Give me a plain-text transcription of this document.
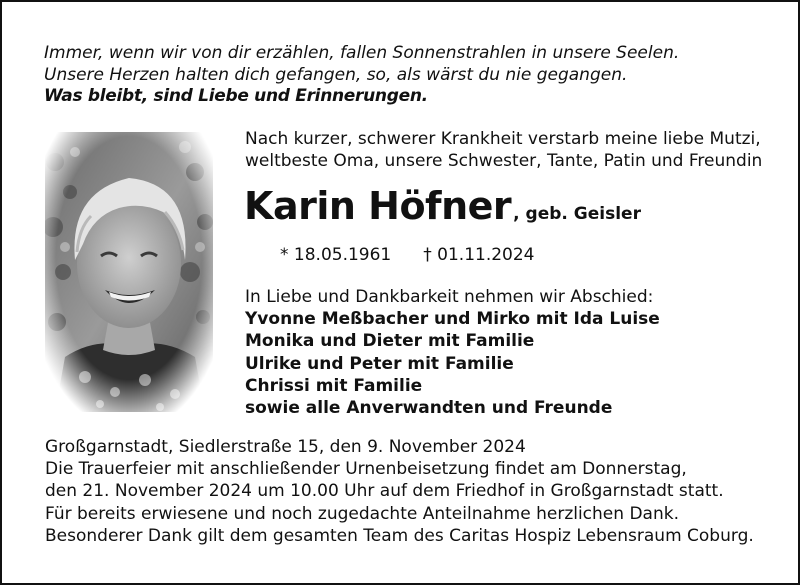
Immer, wenn wir von dir erzählen, fallen Sonnenstrahlen in unsere Seelen.
Unsere Herzen halten dich gefangen, so, als wärst du nie gegangen.
Was bleibt, sind Liebe und Erinnerungen.
Nach kurzer, schwerer Krankheit verstarb meine liebe Mutzi,
weltbeste Oma, unsere Schwester, Tante, Patin und Freundin
Karin Höfner , geb. Geisler
* 18.05.1961 † 01.11.2024
In Liebe und Dankbarkeit nehmen wir Abschied:
Yvonne Meßbacher und Mirko mit Ida Luise
Monika und Dieter mit Familie
Ulrike und Peter mit Familie
Chrissi mit Familie
sowie alle Anverwandten und Freunde
Großgarnstadt, Siedlerstraße 15, den 9. November 2024
Die Trauerfeier mit anschließender Urnenbeisetzung findet am Donnerstag,
den 21. November 2024 um 10.00 Uhr auf dem Friedhof in Großgarnstadt statt.
Für bereits erwiesene und noch zugedachte Anteilnahme herzlichen Dank.
Besonderer Dank gilt dem gesamten Team des Caritas Hospiz Lebensraum Coburg.
